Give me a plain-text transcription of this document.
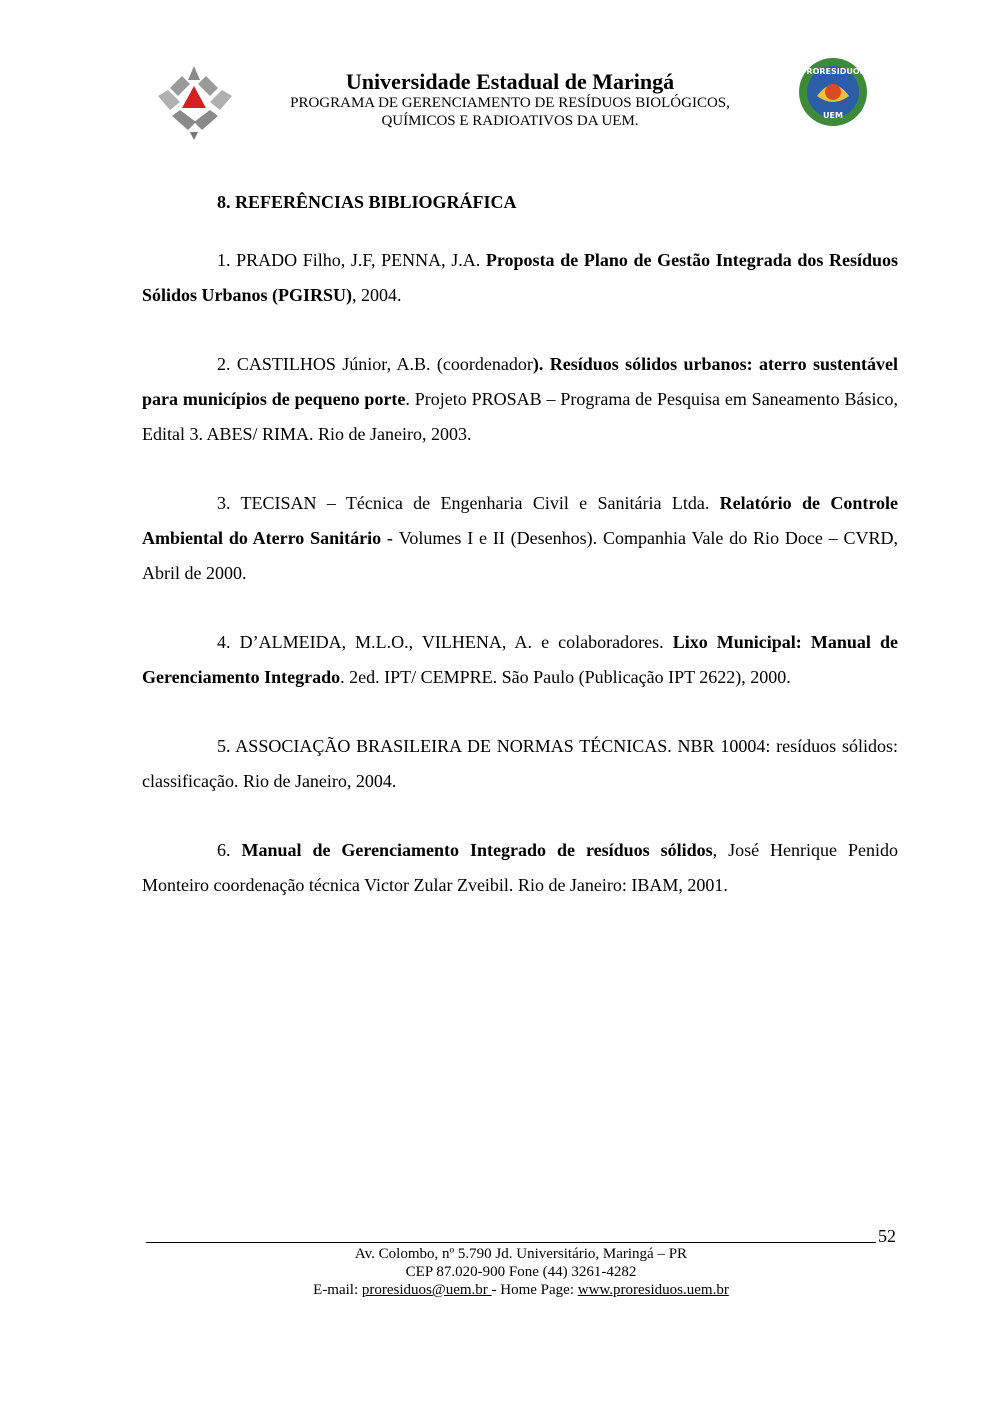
Universidade Estadual de Maringá
PROGRAMA DE GERENCIAMENTO DE RESÍDUOS BIOLÓGICOS,
QUÍMICOS E RADIOATIVOS DA UEM.
PRORESIDUOS
UEM
8. REFERÊNCIAS BIBLIOGRÁFICA

1. PRADO Filho, J.F, PENNA, J.A. Proposta de Plano de Gestão Integrada dos Resíduos Sólidos Urbanos (PGIRSU), 2004.

2. CASTILHOS Júnior, A.B. (coordenador). Resíduos sólidos urbanos: aterro sustentável para municípios de pequeno porte. Projeto PROSAB – Programa de Pesquisa em Saneamento Básico, Edital 3. ABES/ RIMA. Rio de Janeiro, 2003.

3. TECISAN – Técnica de Engenharia Civil e Sanitária Ltda. Relatório de Controle Ambiental do Aterro Sanitário - Volumes I e II (Desenhos). Companhia Vale do Rio Doce – CVRD, Abril de 2000.

4. D’ALMEIDA, M.L.O., VILHENA, A. e colaboradores. Lixo Municipal: Manual de Gerenciamento Integrado. 2ed. IPT/ CEMPRE. São Paulo (Publicação IPT 2622), 2000.

5. ASSOCIAÇÃO BRASILEIRA DE NORMAS TÉCNICAS. NBR 10004: resíduos sólidos: classificação. Rio de Janeiro, 2004.

6. Manual de Gerenciamento Integrado de resíduos sólidos, José Henrique Penido Monteiro coordenação técnica Victor Zular Zveibil. Rio de Janeiro: IBAM, 2001.

52
Av. Colombo, nº 5.790 Jd. Universitário, Maringá – PR
CEP 87.020-900 Fone (44) 3261-4282
E-mail: proresiduos@uem.br - Home Page: www.proresiduos.uem.br
